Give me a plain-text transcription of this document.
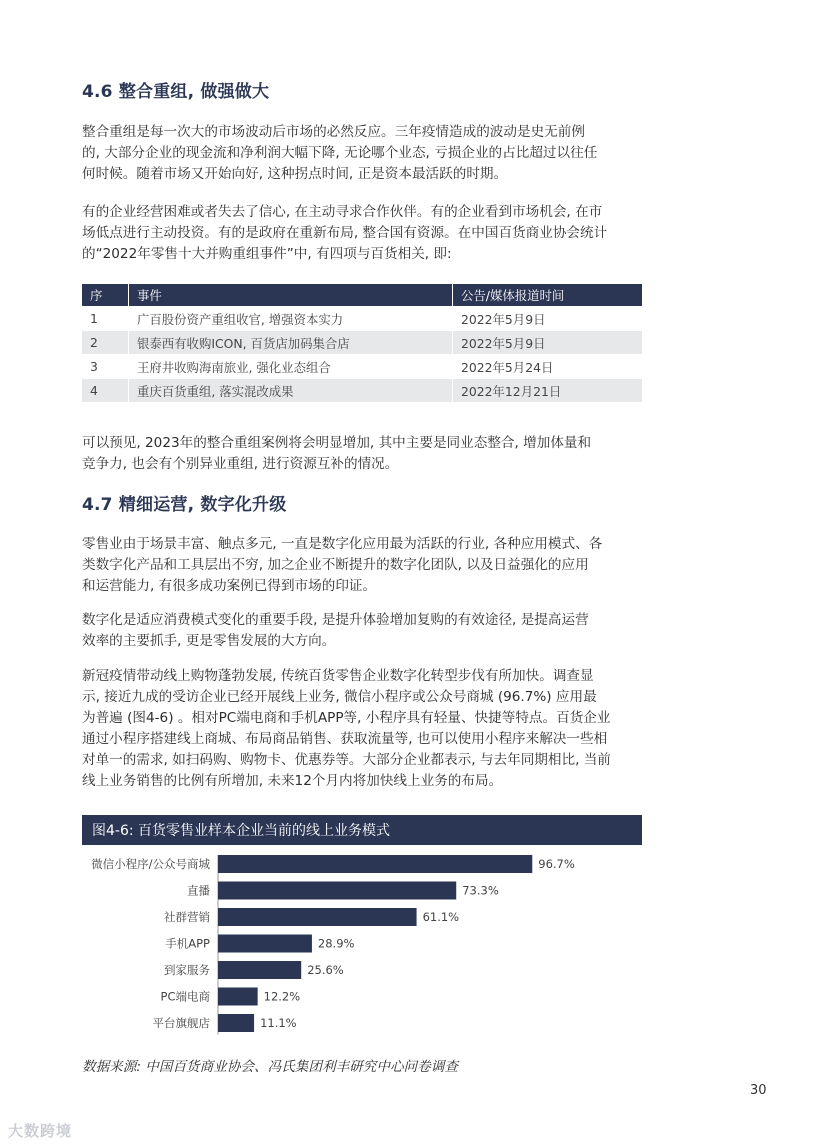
4.6 整合重组, 做强做大
整合重组是每一次大的市场波动后市场的必然反应。三年疫情造成的波动是史无前例
的, 大部分企业的现金流和净利润大幅下降, 无论哪个业态, 亏损企业的占比超过以往任
何时候。随着市场又开始向好, 这种拐点时间, 正是资本最活跃的时期。
有的企业经营困难或者失去了信心, 在主动寻求合作伙伴。有的企业看到市场机会, 在市
场低点进行主动投资。有的是政府在重新布局, 整合国有资源。在中国百货商业协会统计
的“2022年零售十大并购重组事件”中, 有四项与百货相关, 即:
序	事件	公告/媒体报道时间
1	广百股份资产重组收官, 增强资本实力	2022年5月9日
2	银泰西有收购ICON, 百货店加码集合店	2022年5月9日
3	王府井收购海南旅业, 强化业态组合	2022年5月24日
4	重庆百货重组, 落实混改成果	2022年12月21日
可以预见, 2023年的整合重组案例将会明显增加, 其中主要是同业态整合, 增加体量和
竞争力, 也会有个别异业重组, 进行资源互补的情况。
4.7 精细运营, 数字化升级
零售业由于场景丰富、触点多元, 一直是数字化应用最为活跃的行业, 各种应用模式、各
类数字化产品和工具层出不穷, 加之企业不断提升的数字化团队, 以及日益强化的应用
和运营能力, 有很多成功案例已得到市场的印证。
数字化是适应消费模式变化的重要手段, 是提升体验增加复购的有效途径, 是提高运营
效率的主要抓手, 更是零售发展的大方向。
新冠疫情带动线上购物蓬勃发展, 传统百货零售企业数字化转型步伐有所加快。调查显
示, 接近九成的受访企业已经开展线上业务, 微信小程序或公众号商城 (96.7%) 应用最
为普遍 (图4-6) 。相对PC端电商和手机APP等, 小程序具有轻量、快捷等特点。百货企业
通过小程序搭建线上商城、布局商品销售、获取流量等, 也可以使用小程序来解决一些相
对单一的需求, 如扫码购、购物卡、优惠券等。大部分企业都表示, 与去年同期相比, 当前
线上业务销售的比例有所增加, 未来12个月内将加快线上业务的布局。
图4-6: 百货零售业样本企业当前的线上业务模式
微信小程序/公众号商城	96.7%
直播	73.3%
社群营销	61.1%
手机APP	28.9%
到家服务	25.6%
PC端电商	12.2%
平台旗舰店	11.1%

数据来源: 中国百货商业协会、冯氏集团利丰研究中心问卷调查

30

大数跨境
